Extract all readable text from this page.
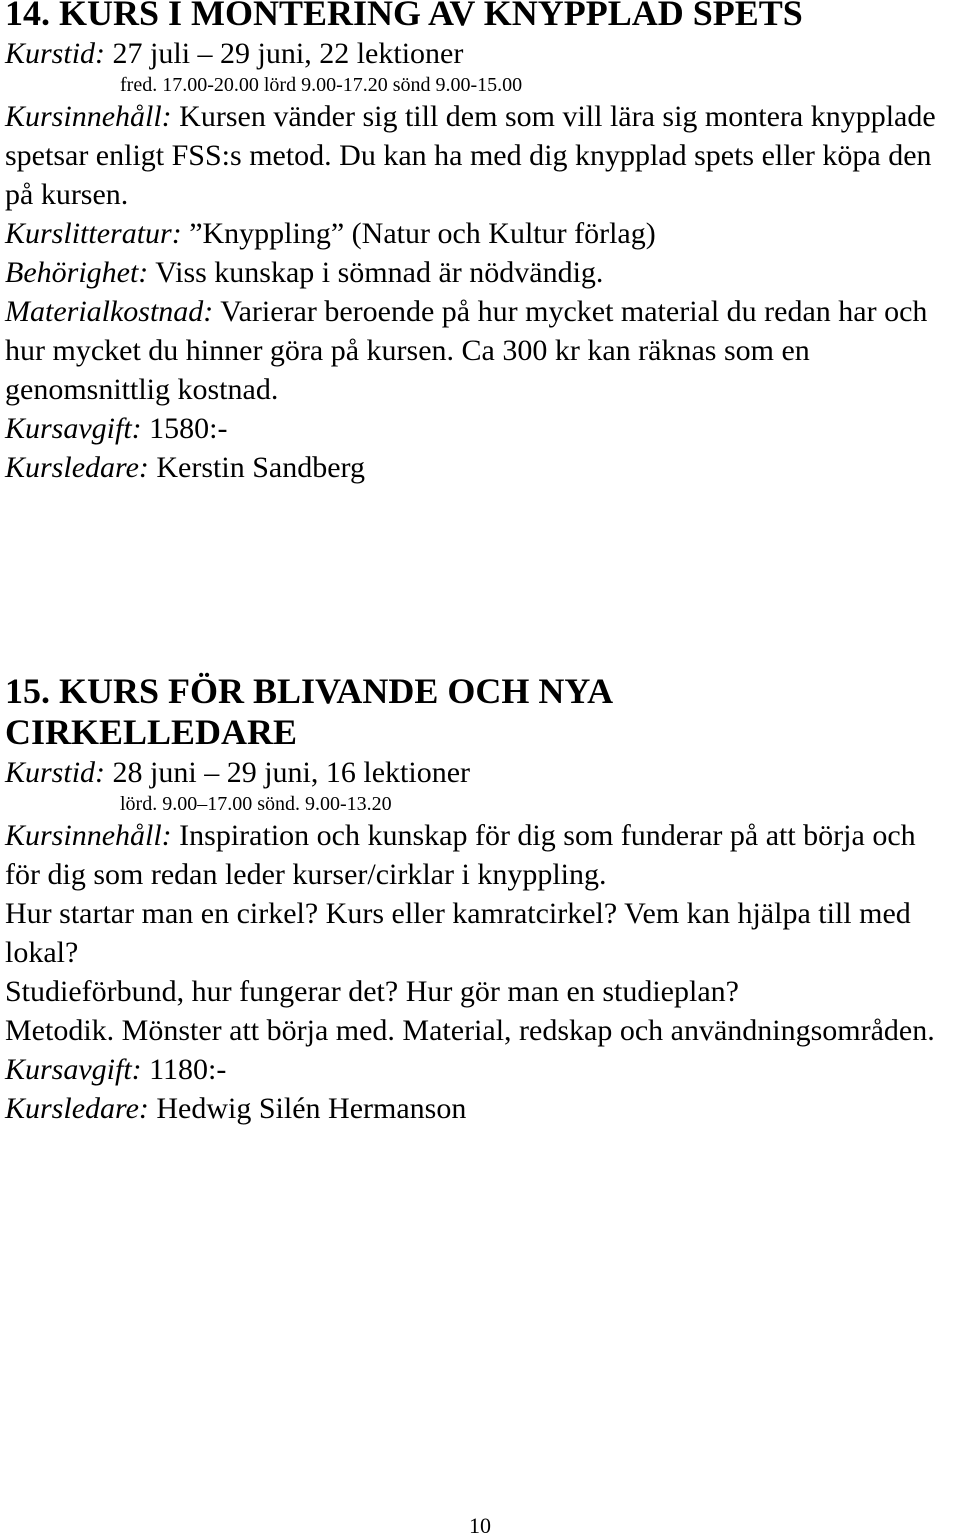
14. KURS I MONTERING AV KNYPPLAD SPETS

Kurstid: 27 juli – 29 juni, 22 lektioner

fred. 17.00-20.00 lörd 9.00-17.20 sönd 9.00-15.00

Kursinnehåll: Kursen vänder sig till dem som vill lära sig montera knypplade spetsar enligt FSS:s metod. Du kan ha med dig knypplad spets eller köpa den på kursen.

Kurslitteratur: ”Knyppling” (Natur och Kultur förlag)

Behörighet: Viss kunskap i sömnad är nödvändig.

Materialkostnad: Varierar beroende på hur mycket material du redan har och hur mycket du hinner göra på kursen. Ca 300 kr kan räknas som en genomsnittlig kostnad.

Kursavgift: 1580:-

Kursledare: Kerstin Sandberg

15. KURS FÖR BLIVANDE OCH NYA
CIRKELLEDARE

Kurstid: 28 juni – 29 juni, 16 lektioner

lörd. 9.00–17.00 sönd. 9.00-13.20

Kursinnehåll: Inspiration och kunskap för dig som funderar på att börja och för dig som redan leder kurser/cirklar i knyppling.

Hur startar man en cirkel? Kurs eller kamratcirkel? Vem kan hjälpa till med lokal?

Studieförbund, hur fungerar det? Hur gör man en studieplan?

Metodik. Mönster att börja med. Material, redskap och användningsområden.

Kursavgift: 1180:-

Kursledare: Hedwig Silén Hermanson

10
